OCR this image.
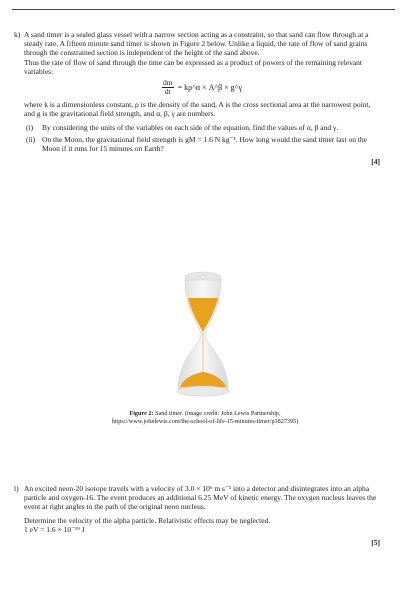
k) A sand timer is a sealed glass vessel with a narrow section acting as a constraint, so that sand can flow through at a steady rate. A fifteen minute sand timer is shown in Figure 2 below. Unlike a liquid, the rate of flow of sand grains through the constrained section is independent of the height of the sand above.

Thus the rate of flow of sand through the time can be expressed as a product of powers of the remaining relevant variables:

$\frac{dm}{dt}$ = kρ^α × A^β × g^γ

where k is a dimensionless constant, ρ is the density of the sand, A is the cross sectional area at the narrowest point, and g is the gravitational field strength, and α, β, γ are numbers.

(i) By considering the units of the variables on each side of the equation, find the values of α, β and γ.
(ii) On the Moon, the gravitational field strength is gM = 1.6 N kg⁻¹. How long would the sand timer last on the Moon if it runs for 15 minutes on Earth?
[4]
Figure 2: Sand timer. (image credit: John Lewis Partnership,
https://www.johnlewis.com/the-school-of-life-15-minutes-timer/p3827395)
l) An excited neon-20 isotope travels with a velocity of 3.0 × 10⁶ m s⁻¹ into a detector and disintegrates into an alpha particle and oxygen-16. The event produces an additional 6.25 MeV of kinetic energy. The oxygen nucleus leaves the event at right angles to the path of the original neon nucleus.

Determine the velocity of the alpha particle. Relativistic effects may be neglected.

1 eV = 1.6 × 10⁻¹⁹ J

[5]
